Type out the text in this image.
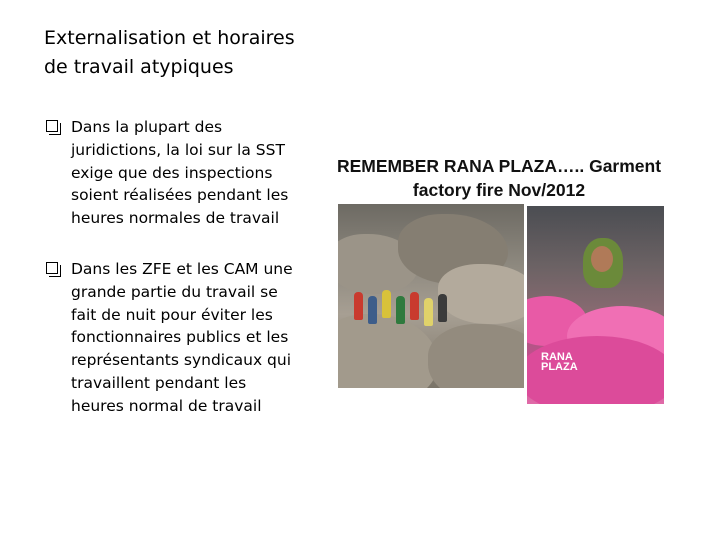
Externalisation et horaires
de travail atypiques
Dans la plupart des
juridictions, la loi sur la SST
exige que des inspections
soient réalisées pendant les
heures normales de travail
Dans les ZFE et les CAM une
grande partie du travail se
fait de nuit pour éviter les
fonctionnaires publics et les
représentants syndicaux qui
travaillent pendant les
heures normal de travail
REMEMBER RANA PLAZA….. Garment
factory fire Nov/2012
RANA
PLAZA
